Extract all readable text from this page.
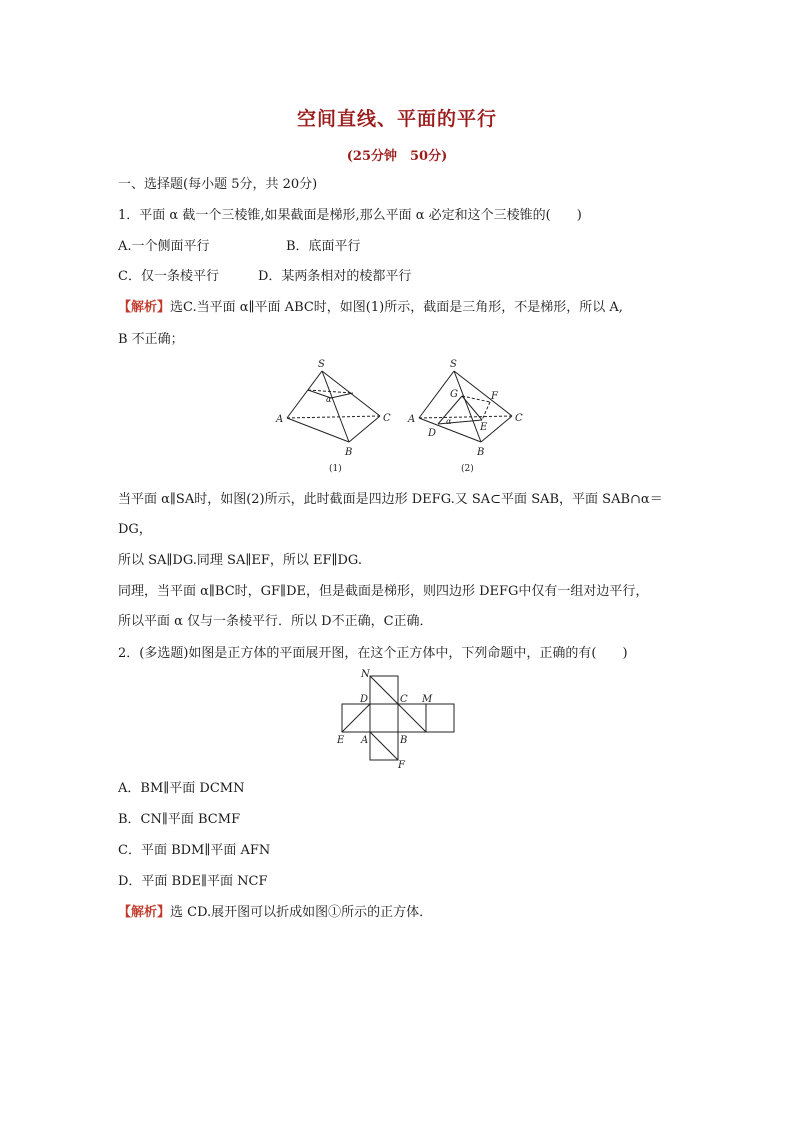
空间直线、平面的平行
(25分钟　50分)
一、选择题(每小题 5分，共 20分)
1．平面 α 截一个三棱锥,如果截面是梯形,那么平面 α 必定和这个三棱锥的(　　)
A.一个侧面平行	B．底面平行
C．仅一条棱平行	D．某两条相对的棱都平行
【解析】选C.当平面 α∥平面 ABC时，如图(1)所示，截面是三角形，不是梯形，所以 A,
B 不正确；
S
A	C
B
α
(1)
S
A	C
B
D
E
F
G
α
(2)
当平面 α∥SA时，如图(2)所示，此时截面是四边形 DEFG.又 SA⊂平面 SAB，平面 SAB∩α＝
DG，
所以 SA∥DG.同理 SA∥EF，所以 EF∥DG.
同理，当平面 α∥BC时，GF∥DE，但是截面是梯形，则四边形 DEFG中仅有一组对边平行，
所以平面 α 仅与一条棱平行．所以 D不正确，C正确．
2．(多选题)如图是正方体的平面展开图，在这个正方体中，下列命题中，正确的有(　　)
N
D	C M
E A	B
F
A．BM∥平面 DCMN
B．CN∥平面 BCMF
C．平面 BDM∥平面 AFN
D．平面 BDE∥平面 NCF
【解析】选 CD.展开图可以折成如图①所示的正方体．
